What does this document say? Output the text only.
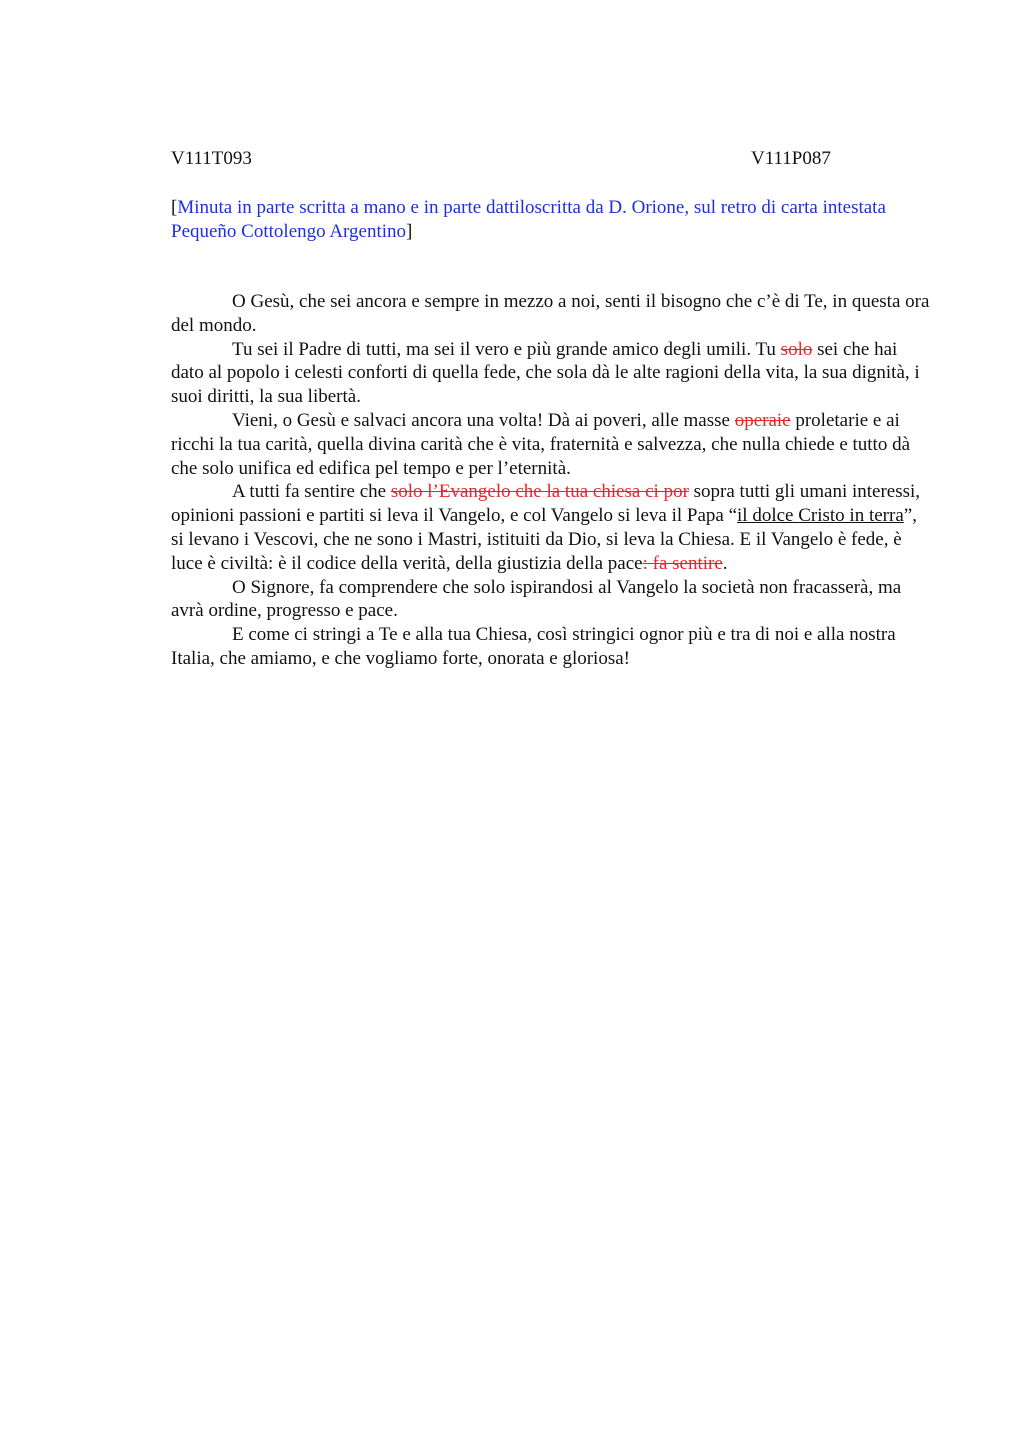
V111T093	V111P087
[Minuta in parte scritta a mano e in parte dattiloscritta da D. Orione, sul retro di carta intestata Pequeño Cottolengo Argentino]

O Gesù, che sei ancora e sempre in mezzo a noi, senti il bisogno che c’è di Te, in questa ora del mondo.

Tu sei il Padre di tutti, ma sei il vero e più grande amico degli umili. Tu solo sei che hai dato al popolo i celesti conforti di quella fede, che sola dà le alte ragioni della vita, la sua dignità, i suoi diritti, la sua libertà.

Vieni, o Gesù e salvaci ancora una volta! Dà ai poveri, alle masse operaie proletarie e ai ricchi la tua carità, quella divina carità che è vita, fraternità e salvezza, che nulla chiede e tutto dà che solo unifica ed edifica pel tempo e per l’eternità.

A tutti fa sentire che solo l’Evangelo che la tua chiesa ci por sopra tutti gli umani interessi, opinioni passioni e partiti si leva il Vangelo, e col Vangelo si leva il Papa “il dolce Cristo in terra”, si levano i Vescovi, che ne sono i Mastri, istituiti da Dio, si leva la Chiesa. E il Vangelo è fede, è luce è civiltà: è il codice della verità, della giustizia della pace: fa sentire.

O Signore, fa comprendere che solo ispirandosi al Vangelo la società non fracasserà, ma avrà ordine, progresso e pace.

E come ci stringi a Te e alla tua Chiesa, così stringici ognor più e tra di noi e alla nostra Italia, che amiamo, e che vogliamo forte, onorata e gloriosa!
